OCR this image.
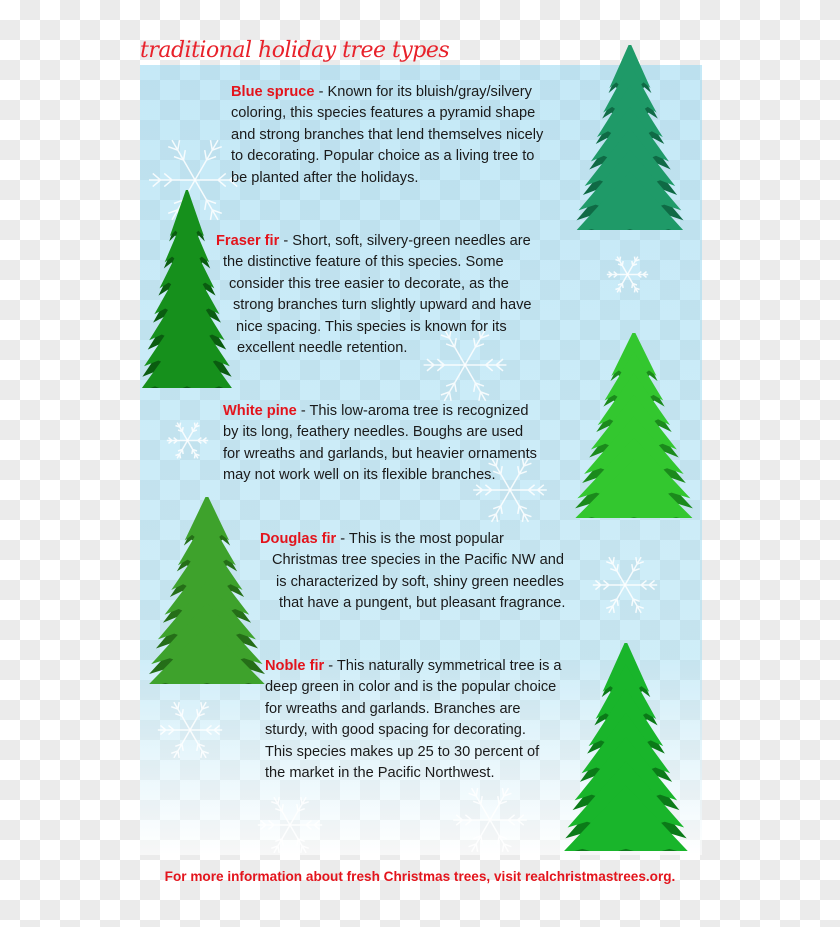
traditional holiday tree types
Blue spruce - Known for its bluish/gray/silvery
coloring, this species features a pyramid shape
and strong branches that lend themselves nicely
to decorating. Popular choice as a living tree to
be planted after the holidays.
Fraser fir - Short, soft, silvery-green needles are
the distinctive feature of this species. Some
consider this tree easier to decorate, as the
strong branches turn slightly upward and have
nice spacing. This species is known for its
excellent needle retention.
White pine - This low-aroma tree is recognized
by its long, feathery needles. Boughs are used
for wreaths and garlands, but heavier ornaments
may not work well on its flexible branches.
Douglas fir - This is the most popular
Christmas tree species in the Pacific NW and
is characterized by soft, shiny green needles
that have a pungent, but pleasant fragrance.
Noble fir - This naturally symmetrical tree is a
deep green in color and is the popular choice
for wreaths and garlands. Branches are
sturdy, with good spacing for decorating.
This species makes up 25 to 30 percent of
the market in the Pacific Northwest.
For more information about fresh Christmas trees, visit realchristmastrees.org.
